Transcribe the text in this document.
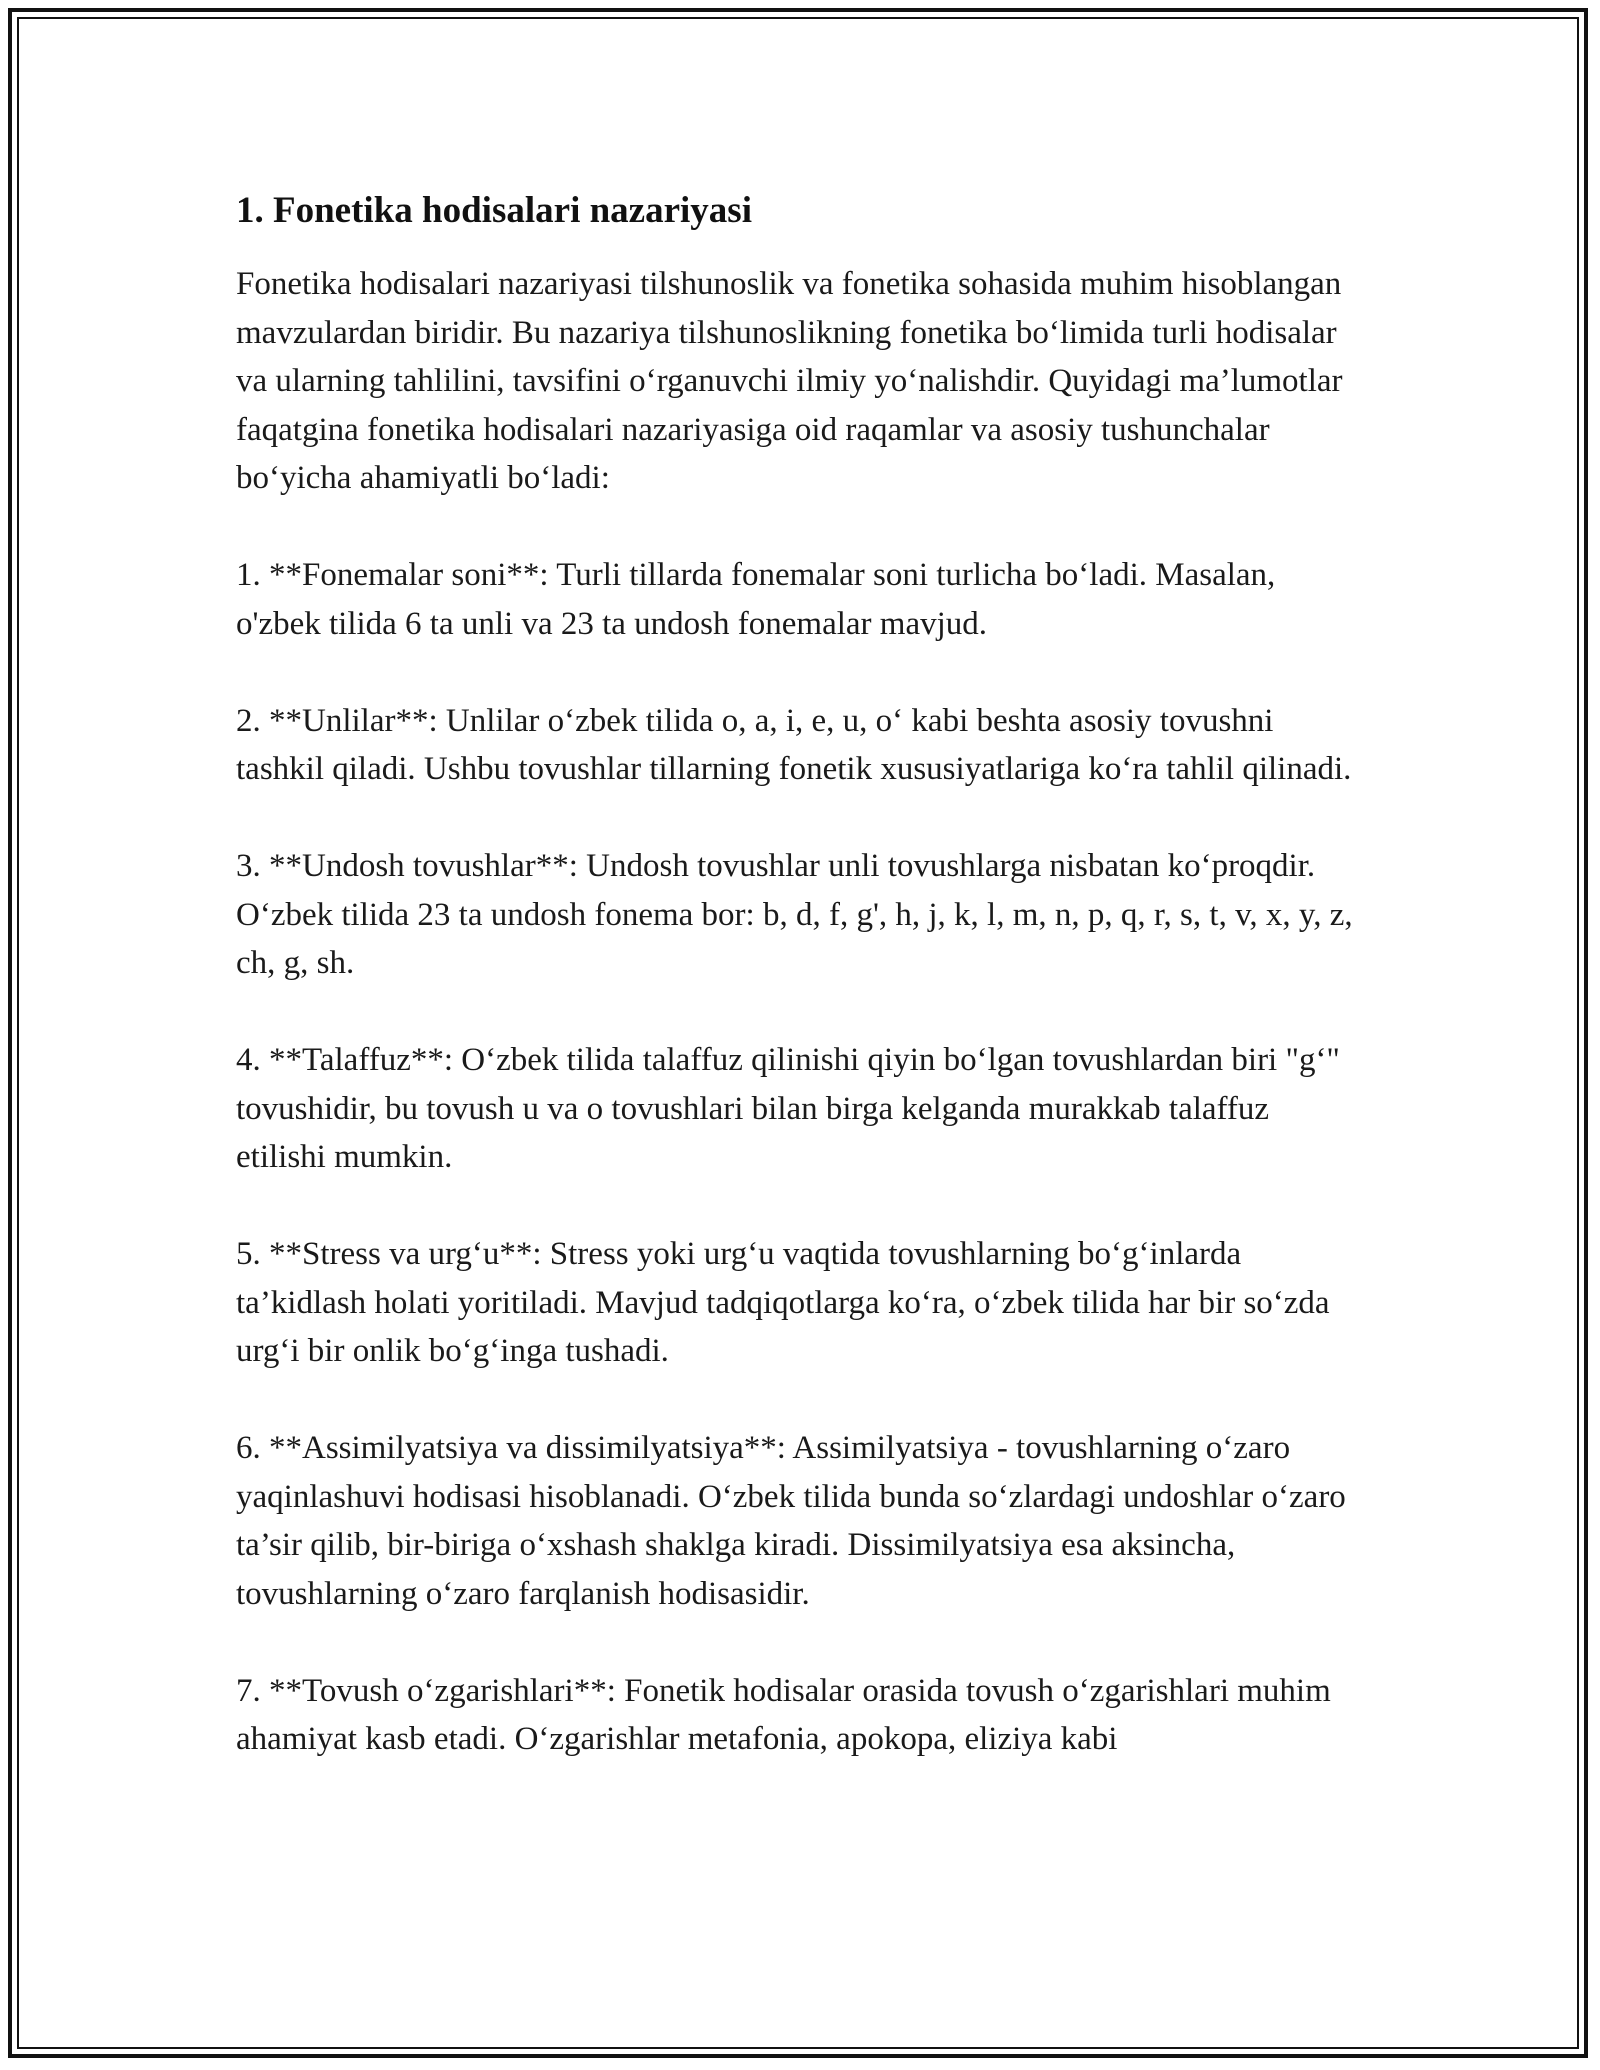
1. Fonetika hodisalari nazariyasi

Fonetika hodisalari nazariyasi tilshunoslik va fonetika sohasida muhim hisoblangan mavzulardan biridir. Bu nazariya tilshunoslikning fonetika bo‘limida turli hodisalar va ularning tahlilini, tavsifini o‘rganuvchi ilmiy yo‘nalishdir. Quyidagi ma’lumotlar faqatgina fonetika hodisalari nazariyasiga oid raqamlar va asosiy tushunchalar bo‘yicha ahamiyatli bo‘ladi:

1. **Fonemalar soni**: Turli tillarda fonemalar soni turlicha bo‘ladi. Masalan, o'zbek tilida 6 ta unli va 23 ta undosh fonemalar mavjud.

2. **Unlilar**: Unlilar o‘zbek tilida o, a, i, e, u, o‘ kabi beshta asosiy tovushni tashkil qiladi. Ushbu tovushlar tillarning fonetik xususiyatlariga ko‘ra tahlil qilinadi.

3. **Undosh tovushlar**: Undosh tovushlar unli tovushlarga nisbatan ko‘proqdir. O‘zbek tilida 23 ta undosh fonema bor: b, d, f, g', h, j, k, l, m, n, p, q, r, s, t, v, x, y, z, ch, g, sh.

4. **Talaffuz**: O‘zbek tilida talaffuz qilinishi qiyin bo‘lgan tovushlardan biri "g‘" tovushidir, bu tovush u va o tovushlari bilan birga kelganda murakkab talaffuz etilishi mumkin.

5. **Stress va urg‘u**: Stress yoki urg‘u vaqtida tovushlarning bo‘g‘inlarda ta’kidlash holati yoritiladi. Mavjud tadqiqotlarga ko‘ra, o‘zbek tilida har bir so‘zda urg‘i bir onlik bo‘g‘inga tushadi.

6. **Assimilyatsiya va dissimilyatsiya**: Assimilyatsiya - tovushlarning o‘zaro yaqinlashuvi hodisasi hisoblanadi. O‘zbek tilida bunda so‘zlardagi undoshlar o‘zaro ta’sir qilib, bir-biriga o‘xshash shaklga kiradi. Dissimilyatsiya esa aksincha, tovushlarning o‘zaro farqlanish hodisasidir.

7. **Tovush o‘zgarishlari**: Fonetik hodisalar orasida tovush o‘zgarishlari muhim ahamiyat kasb etadi. O‘zgarishlar metafonia, apokopa, eliziya kabi
